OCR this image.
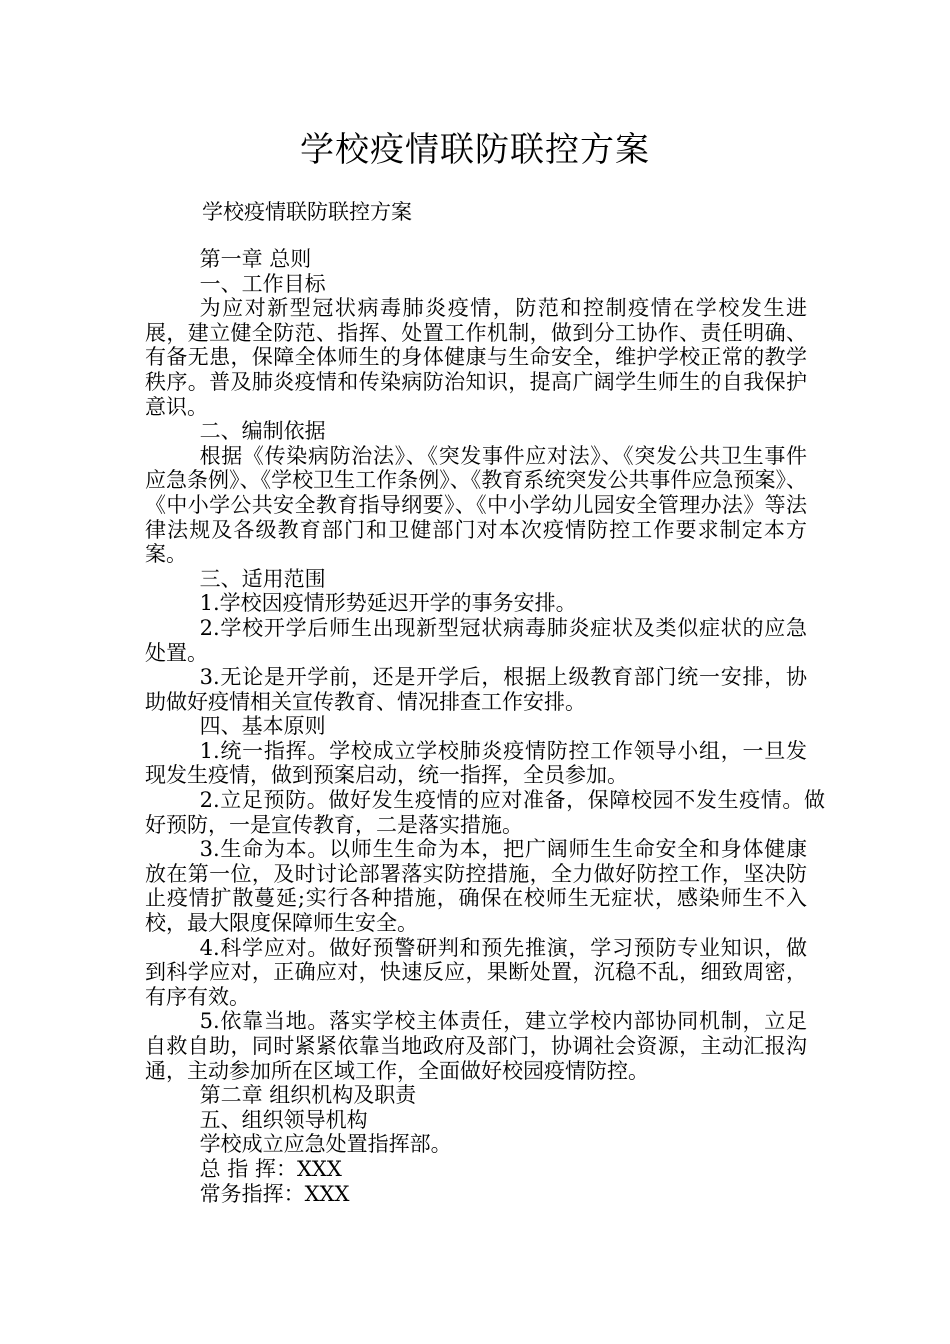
学校疫情联防联控方案

学校疫情联防联控方案

第一章 总则

一、工作目标

为应对新型冠状病毒肺炎疫情，防范和控制疫情在学校发生进展，建立健全防范、指挥、处置工作机制，做到分工协作、责任明确、有备无患，保障全体师生的身体健康与生命安全，维护学校正常的教学秩序。普及肺炎疫情和传染病防治知识，提高广阔学生师生的自我保护意识。

二、编制依据

根据《传染病防治法》、《突发事件应对法》、《突发公共卫生事件应急条例》、《学校卫生工作条例》、《教育系统突发公共事件应急预案》、《中小学公共安全教育指导纲要》、《中小学幼儿园安全管理办法》等法律法规及各级教育部门和卫健部门对本次疫情防控工作要求制定本方案。

三、适用范围

1.学校因疫情形势延迟开学的事务安排。

2.学校开学后师生出现新型冠状病毒肺炎症状及类似症状的应急处置。

3.无论是开学前，还是开学后，根据上级教育部门统一安排，协助做好疫情相关宣传教育、情况排查工作安排。

四、基本原则

1.统一指挥。学校成立学校肺炎疫情防控工作领导小组，一旦发现发生疫情，做到预案启动，统一指挥，全员参加。

2.立足预防。做好发生疫情的应对准备，保障校园不发生疫情。做好预防，一是宣传教育，二是落实措施。

3.生命为本。以师生生命为本，把广阔师生生命安全和身体健康放在第一位，及时讨论部署落实防控措施，全力做好防控工作，坚决防止疫情扩散蔓延;实行各种措施，确保在校师生无症状，感染师生不入校，最大限度保障师生安全。

4.科学应对。做好预警研判和预先推演，学习预防专业知识，做到科学应对，正确应对，快速反应，果断处置，沉稳不乱，细致周密，有序有效。

5.依靠当地。落实学校主体责任，建立学校内部协同机制，立足自救自助，同时紧紧依靠当地政府及部门，协调社会资源，主动汇报沟通，主动参加所在区域工作，全面做好校园疫情防控。

第二章 组织机构及职责

五、组织领导机构

学校成立应急处置指挥部。

总 指 挥：XXX

常务指挥：XXX
